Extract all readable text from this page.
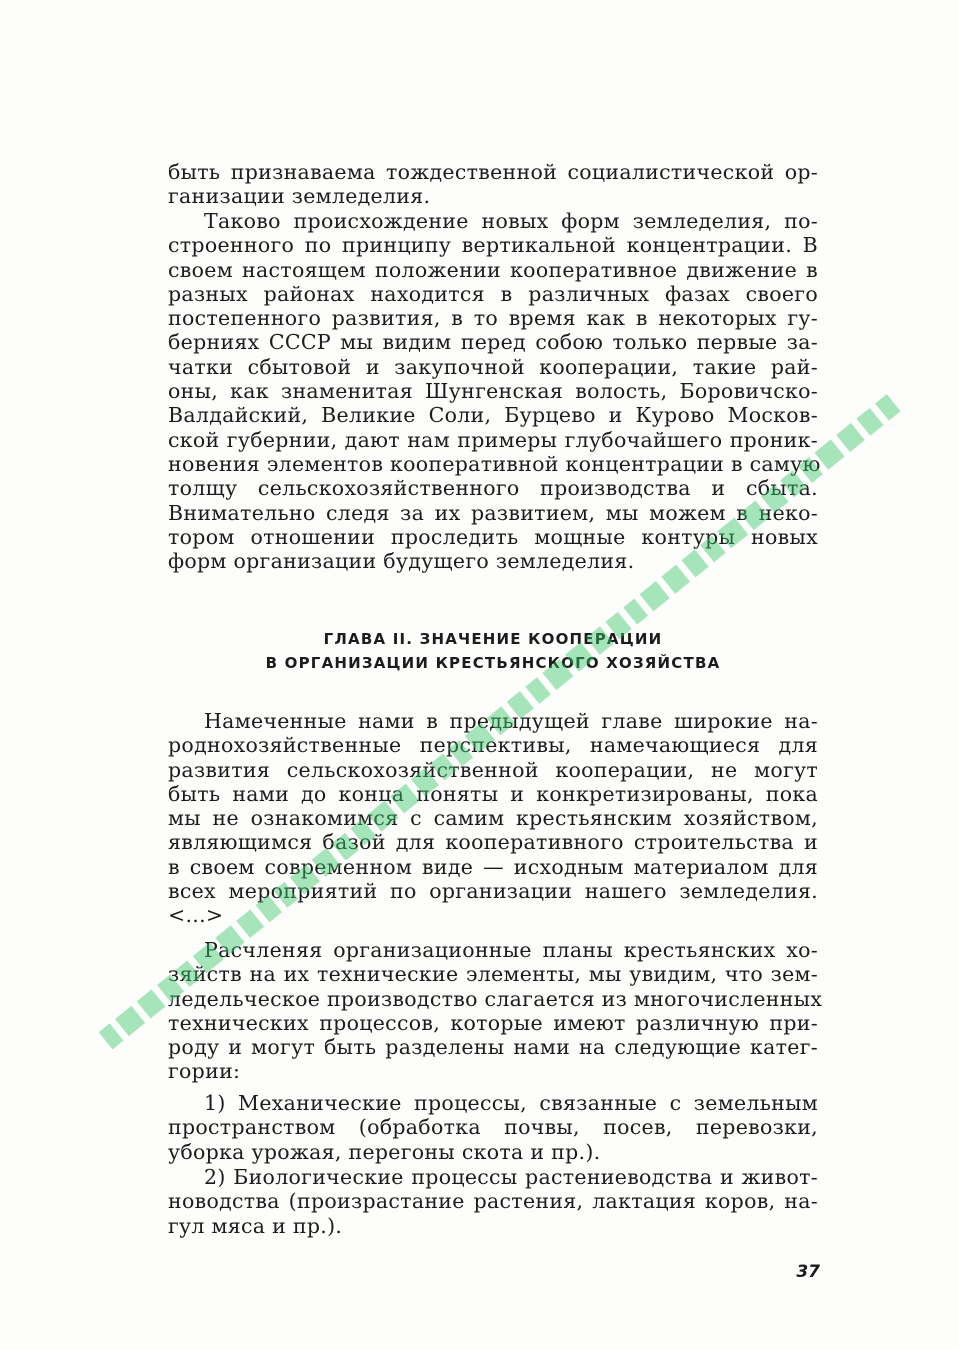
быть признаваема тождественной социалистической ор-
ганизации земледелия.

Таково происхождение новых форм земледелия, по-
строенного по принципу вертикальной концентрации. В
своем настоящем положении кооперативное движение в
разных районах находится в различных фазах своего
постепенного развития, в то время как в некоторых гу-
берниях СССР мы видим перед собою только первые за-
чатки сбытовой и закупочной кооперации, такие рай-
оны, как знаменитая Шунгенская волость, Боровичско-
Валдайский, Великие Соли, Бурцево и Курово Москов-
ской губернии, дают нам примеры глубочайшего проник-
новения элементов кооперативной концентрации в самую
толщу сельскохозяйственного производства и сбыта.
Внимательно следя за их развитием, мы можем в неко-
тором отношении проследить мощные контуры новых
форм организации будущего земледелия.

ГЛАВА II. ЗНАЧЕНИЕ КООПЕРАЦИИ
В ОРГАНИЗАЦИИ КРЕСТЬЯНСКОГО ХОЗЯЙСТВА

Намеченные нами в предыдущей главе широкие на-
роднохозяйственные перспективы, намечающиеся для
развития сельскохозяйственной кооперации, не могут
быть нами до конца поняты и конкретизированы, пока
мы не ознакомимся с самим крестьянским хозяйством,
являющимся базой для кооперативного строительства и
в своем современном виде — исходным материалом для
всех мероприятий по организации нашего земледелия.
<...>

Расчленяя организационные планы крестьянских хо-
зяйств на их технические элементы, мы увидим, что зем-
ледельческое производство слагается из многочисленных
технических процессов, которые имеют различную при-
роду и могут быть разделены нами на следующие катег-
гории:

1) Механические процессы, связанные с земельным
пространством (обработка почвы, посев, перевозки,
уборка урожая, перегоны скота и пр.).

2) Биологические процессы растениеводства и живот-
новодства (произрастание растения, лактация коров, на-
гул мяса и пр.).

37
